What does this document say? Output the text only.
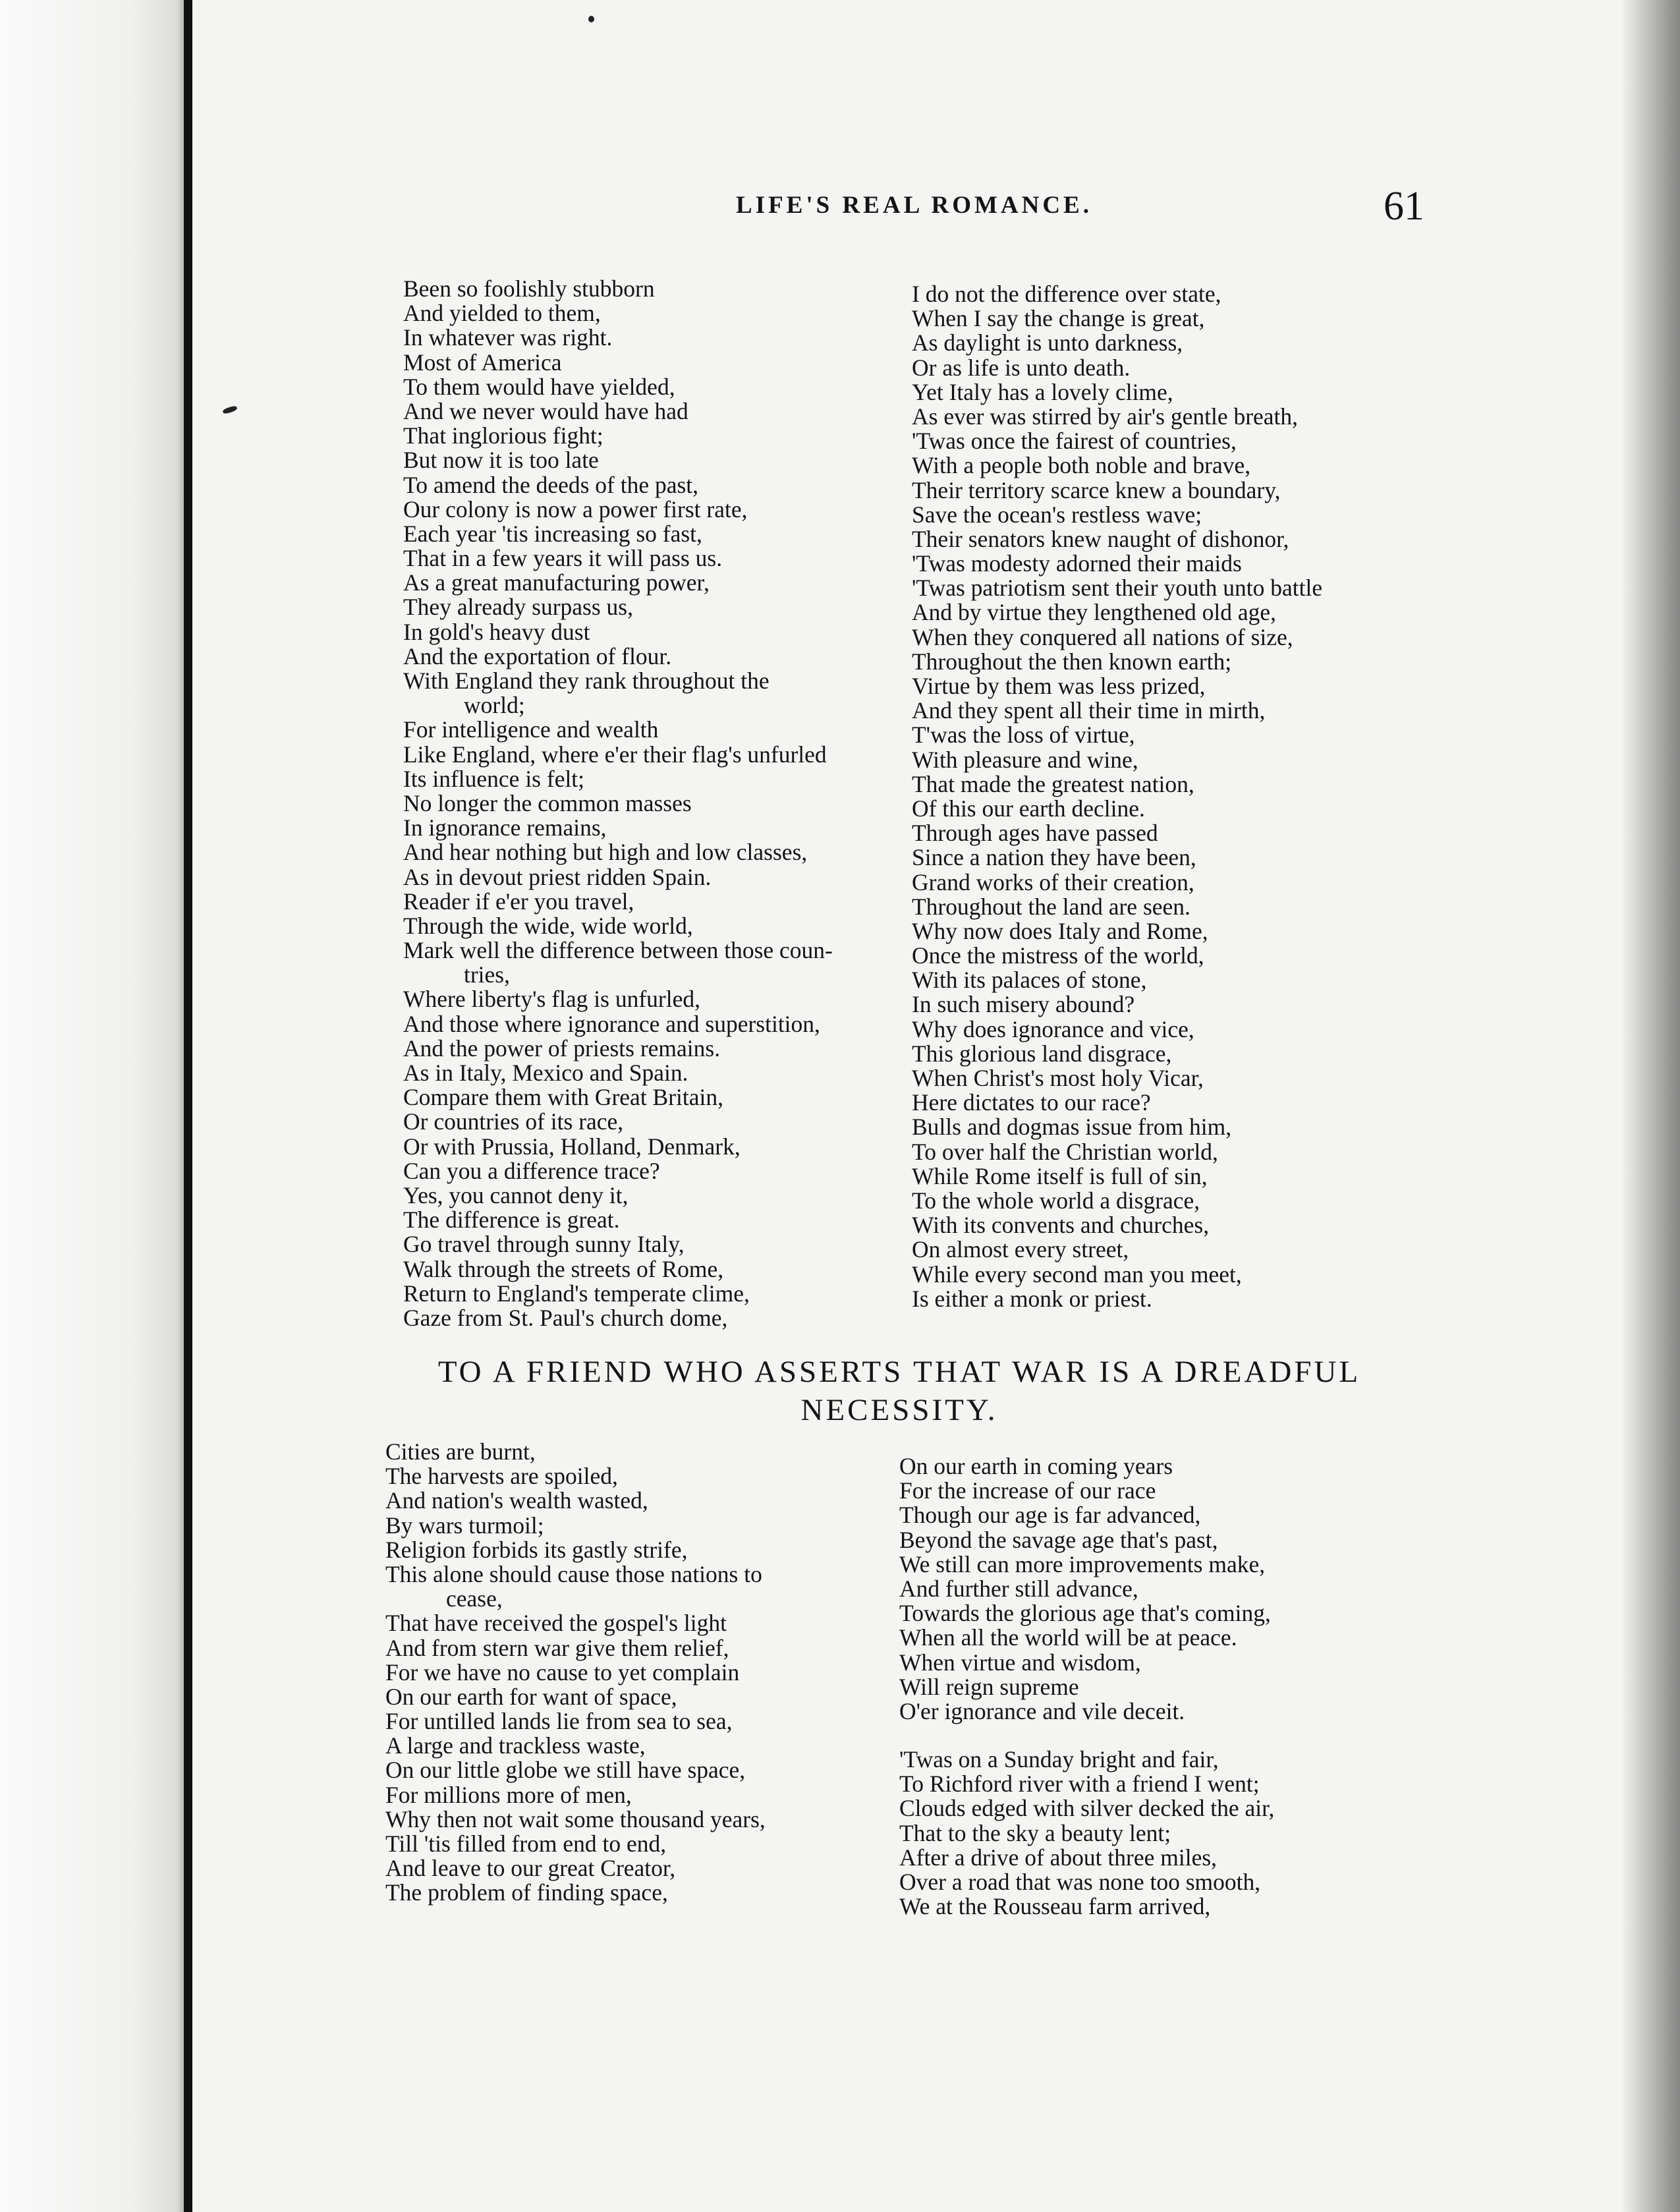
LIFE'S REAL ROMANCE.	61
Been so foolishly stubborn
And yielded to them,
In whatever was right.
Most of America
To them would have yielded,
And we never would have had
That inglorious fight;
But now it is too late
To amend the deeds of the past,
Our colony is now a power first rate,
Each year 'tis increasing so fast,
That in a few years it will pass us.
As a great manufacturing power,
They already surpass us,
In gold's heavy dust
And the exportation of flour.
With England they rank throughout the
world;
For intelligence and wealth
Like England, where e'er their flag's unfurled
Its influence is felt;
No longer the common masses
In ignorance remains,
And hear nothing but high and low classes,
As in devout priest ridden Spain.
Reader if e'er you travel,
Through the wide, wide world,
Mark well the difference between those coun-
tries,
Where liberty's flag is unfurled,
And those where ignorance and superstition,
And the power of priests remains.
As in Italy, Mexico and Spain.
Compare them with Great Britain,
Or countries of its race,
Or with Prussia, Holland, Denmark,
Can you a difference trace?
Yes, you cannot deny it,
The difference is great.
Go travel through sunny Italy,
Walk through the streets of Rome,
Return to England's temperate clime,
Gaze from St. Paul's church dome,
I do not the difference over state,
When I say the change is great,
As daylight is unto darkness,
Or as life is unto death.
Yet Italy has a lovely clime,
As ever was stirred by air's gentle breath,
'Twas once the fairest of countries,
With a people both noble and brave,
Their territory scarce knew a boundary,
Save the ocean's restless wave;
Their senators knew naught of dishonor,
'Twas modesty adorned their maids
'Twas patriotism sent their youth unto battle
And by virtue they lengthened old age,
When they conquered all nations of size,
Throughout the then known earth;
Virtue by them was less prized,
And they spent all their time in mirth,
T'was the loss of virtue,
With pleasure and wine,
That made the greatest nation,
Of this our earth decline.
Through ages have passed
Since a nation they have been,
Grand works of their creation,
Throughout the land are seen.
Why now does Italy and Rome,
Once the mistress of the world,
With its palaces of stone,
In such misery abound?
Why does ignorance and vice,
This glorious land disgrace,
When Christ's most holy Vicar,
Here dictates to our race?
Bulls and dogmas issue from him,
To over half the Christian world,
While Rome itself is full of sin,
To the whole world a disgrace,
With its convents and churches,
On almost every street,
While every second man you meet,
Is either a monk or priest.
TO A FRIEND WHO ASSERTS THAT WAR IS A DREADFUL
NECESSITY.
Cities are burnt,
The harvests are spoiled,
And nation's wealth wasted,
By wars turmoil;
Religion forbids its gastly strife,
This alone should cause those nations to
cease,
That have received the gospel's light
And from stern war give them relief,
For we have no cause to yet complain
On our earth for want of space,
For untilled lands lie from sea to sea,
A large and trackless waste,
On our little globe we still have space,
For millions more of men,
Why then not wait some thousand years,
Till 'tis filled from end to end,
And leave to our great Creator,
The problem of finding space,
On our earth in coming years
For the increase of our race
Though our age is far advanced,
Beyond the savage age that's past,
We still can more improvements make,
And further still advance,
Towards the glorious age that's coming,
When all the world will be at peace.
When virtue and wisdom,
Will reign supreme
O'er ignorance and vile deceit.
'Twas on a Sunday bright and fair,
To Richford river with a friend I went;
Clouds edged with silver decked the air,
That to the sky a beauty lent;
After a drive of about three miles,
Over a road that was none too smooth,
We at the Rousseau farm arrived,
